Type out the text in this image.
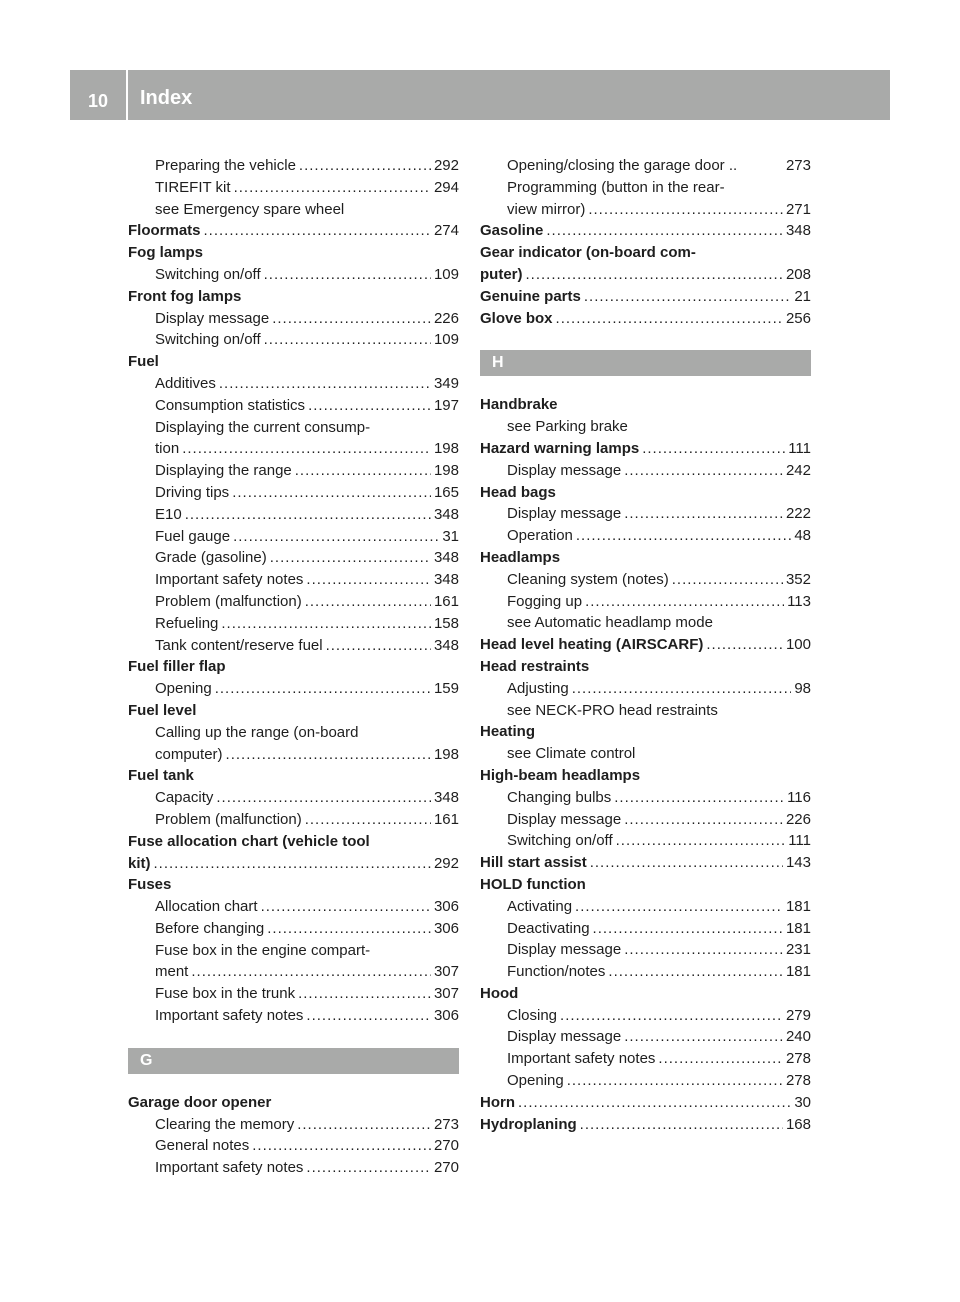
10	Index
Preparing the vehicle .....	292
TIREFIT kit .....	294
see Emergency spare wheel
Floormats .....	274
Fog lamps
Switching on/off .....	109
Front fog lamps
Display message .....	226
Switching on/off .....	109
Fuel
Additives .....	349
Consumption statistics .....	197
Displaying the current consump-
tion .....	198
Displaying the range .....	198
Driving tips .....	165
E10 .....	348
Fuel gauge .....	31
Grade (gasoline) .....	348
Important safety notes .....	348
Problem (malfunction) .....	161
Refueling .....	158
Tank content/reserve fuel .....	348
Fuel filler flap
Opening .....	159
Fuel level
Calling up the range (on-board
computer) .....	198
Fuel tank
Capacity .....	348
Problem (malfunction) .....	161
Fuse allocation chart (vehicle tool
kit) .....	292
Fuses
Allocation chart .....	306
Before changing .....	306
Fuse box in the engine compart-
ment .....	307
Fuse box in the trunk .....	307
Important safety notes .....	306
G
Garage door opener
Clearing the memory .....	273
General notes .....	270
Important safety notes .....	270
Opening/closing the garage door ..	273
Programming (button in the rear-
view mirror) .....	271
Gasoline .....	348
Gear indicator (on-board com-
puter) .....	208
Genuine parts .....	21
Glove box .....	256
H
Handbrake
see Parking brake
Hazard warning lamps .....	111
Display message .....	242
Head bags
Display message .....	222
Operation .....	48
Headlamps
Cleaning system (notes) .....	352
Fogging up .....	113
see Automatic headlamp mode
Head level heating (AIRSCARF) .....	100
Head restraints
Adjusting .....	98
see NECK-PRO head restraints
Heating
see Climate control
High-beam headlamps
Changing bulbs .....	116
Display message .....	226
Switching on/off .....	111
Hill start assist .....	143
HOLD function
Activating .....	181
Deactivating .....	181
Display message .....	231
Function/notes .....	181
Hood
Closing .....	279
Display message .....	240
Important safety notes .....	278
Opening .....	278
Horn .....	30
Hydroplaning .....	168
